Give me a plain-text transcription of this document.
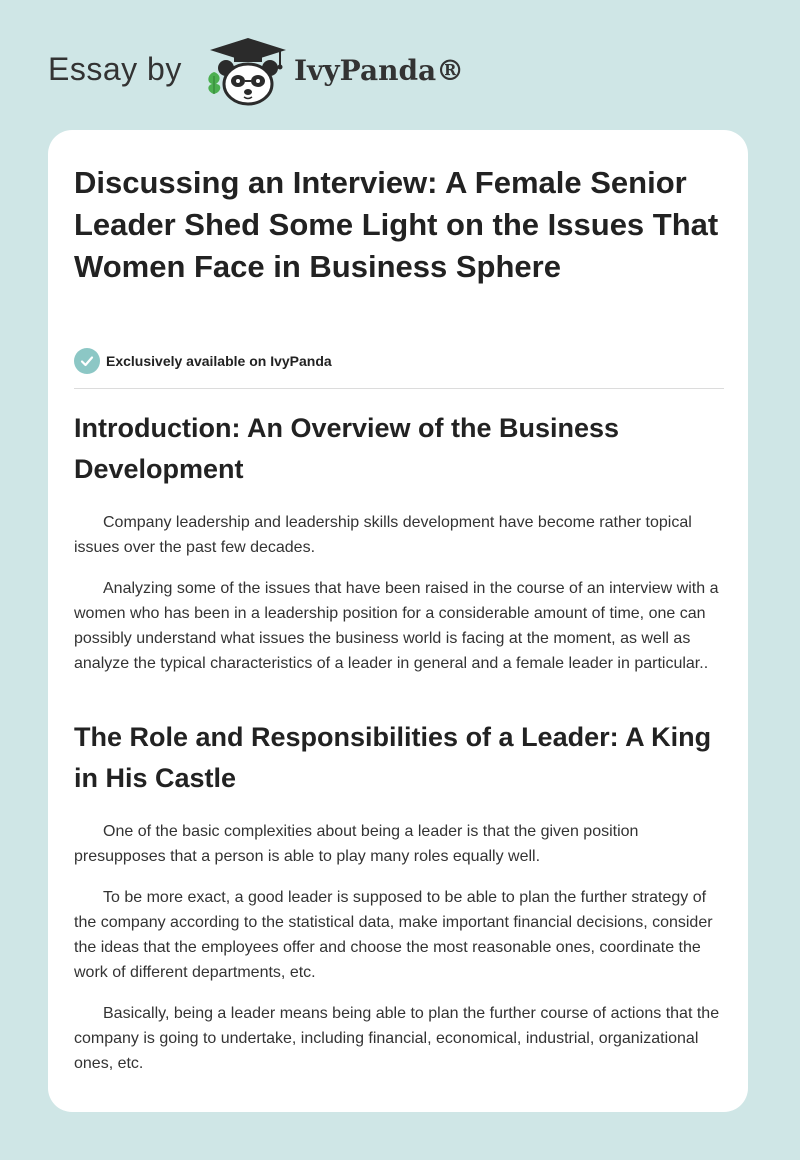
Essay by	IvyPanda®
Discussing an Interview: A Female Senior Leader Shed Some Light on the Issues That Women Face in Business Sphere
Exclusively available on IvyPanda
Introduction: An Overview of the Business Development

Company leadership and leadership skills development have become rather topical issues over the past few decades.

Analyzing some of the issues that have been raised in the course of an interview with a women who has been in a leadership position for a considerable amount of time, one can possibly understand what issues the business world is facing at the moment, as well as analyze the typical characteristics of a leader in general and a female leader in particular..

The Role and Responsibilities of a Leader: A King in His Castle

One of the basic complexities about being a leader is that the given position presupposes that a person is able to play many roles equally well.

To be more exact, a good leader is supposed to be able to plan the further strategy of the company according to the statistical data, make important financial decisions, consider the ideas that the employees offer and choose the most reasonable ones, coordinate the work of different departments, etc.

Basically, being a leader means being able to plan the further course of actions that the company is going to undertake, including financial, economical, industrial, organizational ones, etc.
